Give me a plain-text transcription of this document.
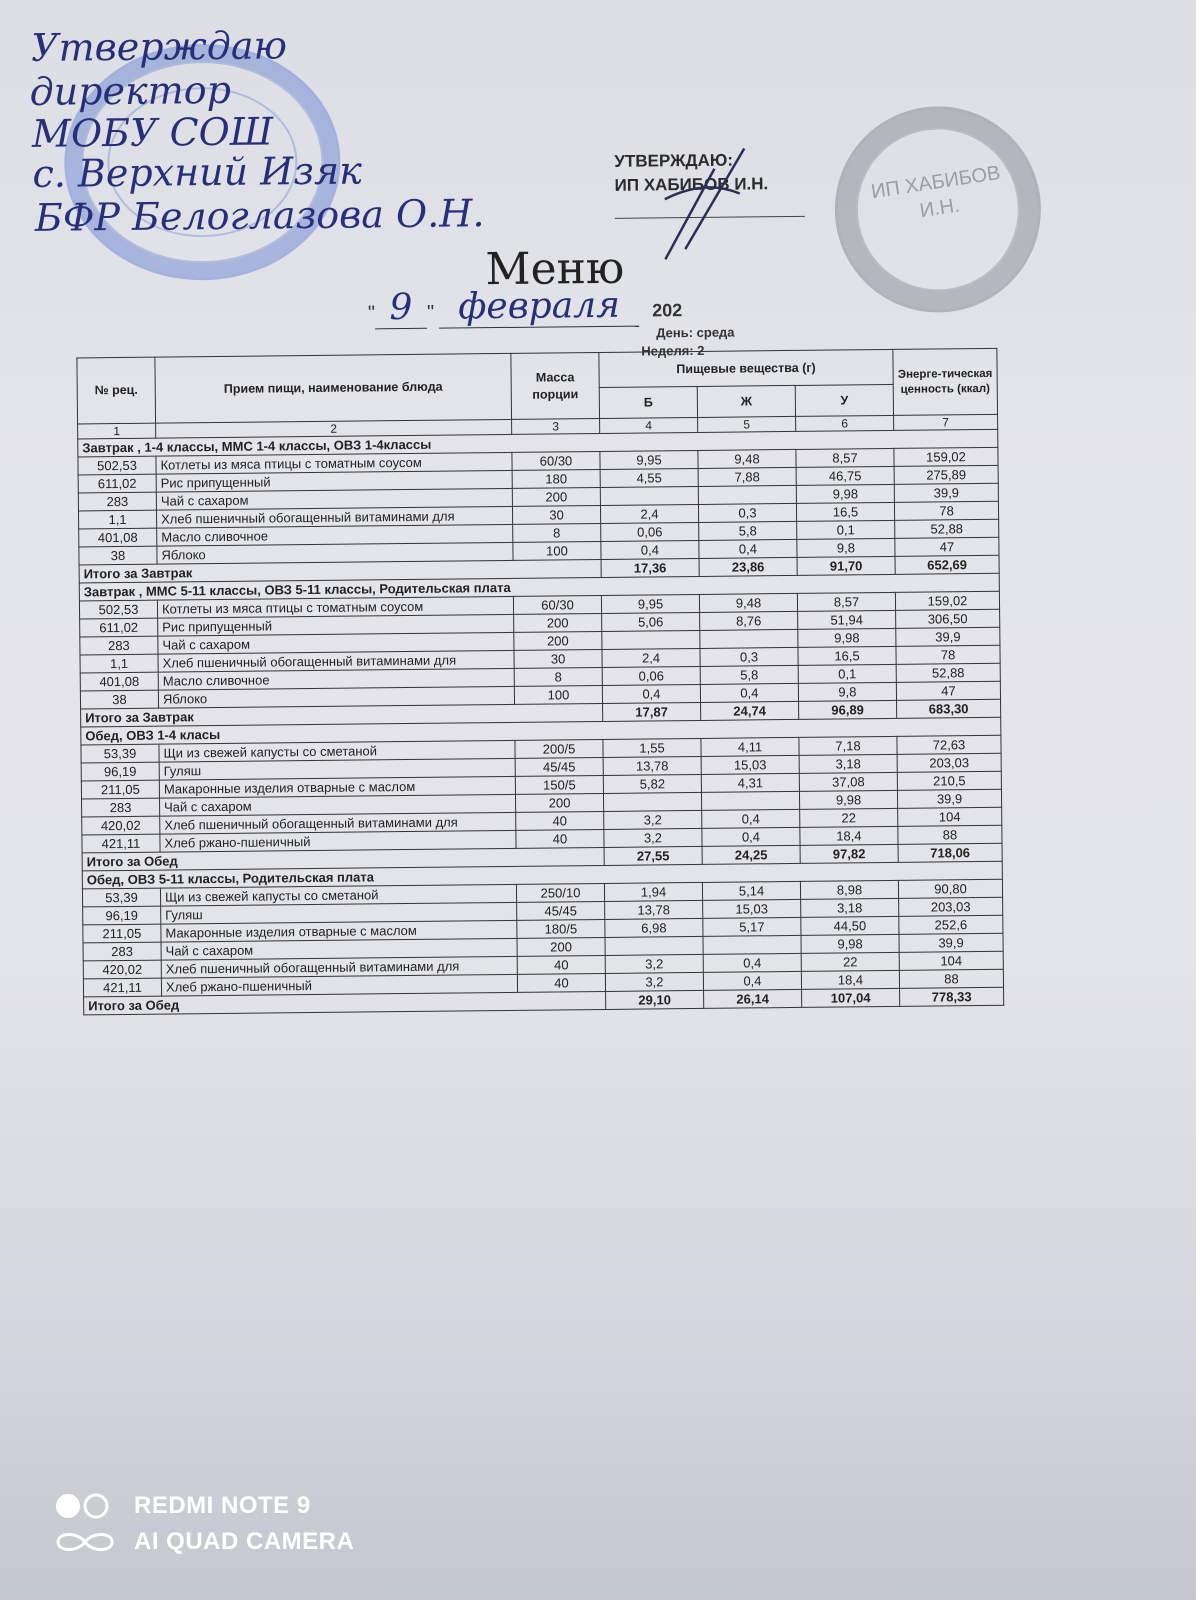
Утверждаю
директор
МОБУ СОШ
с. Верхний Изяк
БФР Белоглазова О.Н.
УТВЕРЖДАЮ:
ИП ХАБИБОВ И.Н.	ИП ХАБИБОВ И.Н.
Меню
" 9 " февраля 202
День: среда
Неделя: 2
№ рец.	Прием пищи, наименование блюда	Масса порции	Пищевые вещества (г)			Энерге-тическая ценность (ккал)
			Б	Ж	У	
1	2	3	4	5	6	7
Завтрак , 1-4 классы, ММС 1-4 классы, ОВЗ 1-4классы						
502,53	Котлеты из мяса птицы с томатным соусом	60/30	9,95	9,48	8,57	159,02
611,02	Рис припущенный	180	4,55	7,88	46,75	275,89
283	Чай с сахаром	200			9,98	39,9
1,1	Хлеб пшеничный обогащенный витаминами для	30	2,4	0,3	16,5	78
401,08	Масло сливочное	8	0,06	5,8	0,1	52,88
38	Яблоко	100	0,4	0,4	9,8	47
Итого за Завтрак			17,36	23,86	91,70	652,69
Завтрак , ММС 5-11 классы, ОВЗ 5-11 классы, Родительская плата						
502,53	Котлеты из мяса птицы с томатным соусом	60/30	9,95	9,48	8,57	159,02
611,02	Рис припущенный	200	5,06	8,76	51,94	306,50
283	Чай с сахаром	200			9,98	39,9
1,1	Хлеб пшеничный обогащенный витаминами для	30	2,4	0,3	16,5	78
401,08	Масло сливочное	8	0,06	5,8	0,1	52,88
38	Яблоко	100	0,4	0,4	9,8	47
Итого за Завтрак			17,87	24,74	96,89	683,30
Обед, ОВЗ 1-4 класы						
53,39	Щи из свежей капусты со сметаной	200/5	1,55	4,11	7,18	72,63
96,19	Гуляш	45/45	13,78	15,03	3,18	203,03
211,05	Макаронные изделия отварные с маслом	150/5	5,82	4,31	37,08	210,5
283	Чай с сахаром	200			9,98	39,9
420,02	Хлеб пшеничный обогащенный витаминами для	40	3,2	0,4	22	104
421,11	Хлеб ржано-пшеничный	40	3,2	0,4	18,4	88
Итого за Обед			27,55	24,25	97,82	718,06
Обед, ОВЗ 5-11 классы, Родительская плата						
53,39	Щи из свежей капусты со сметаной	250/10	1,94	5,14	8,98	90,80
96,19	Гуляш	45/45	13,78	15,03	3,18	203,03
211,05	Макаронные изделия отварные с маслом	180/5	6,98	5,17	44,50	252,6
283	Чай с сахаром	200			9,98	39,9
420,02	Хлеб пшеничный обогащенный витаминами для	40	3,2	0,4	22	104
421,11	Хлеб ржано-пшеничный	40	3,2	0,4	18,4	88
Итого за Обед			29,10	26,14	107,04	778,33
REDMI NOTE 9
AI QUAD CAMERA
